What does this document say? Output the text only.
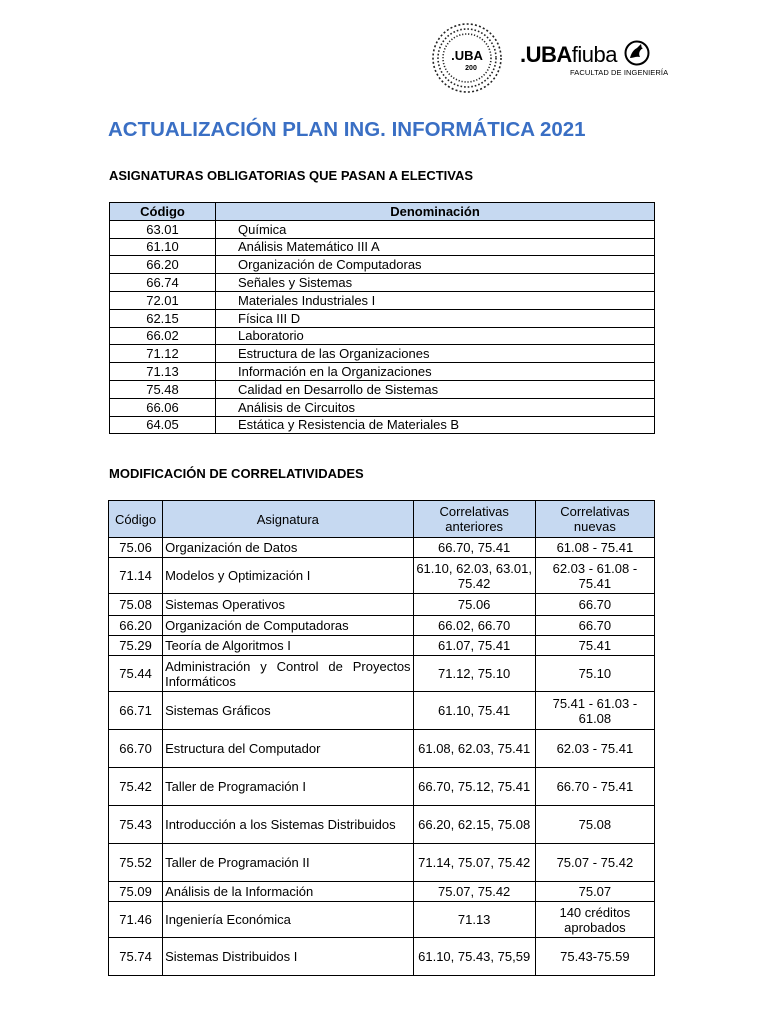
.UBA
200
.UBAfiuba
FACULTAD DE INGENIERÍA
ACTUALIZACIÓN PLAN ING. INFORMÁTICA 2021
ASIGNATURAS OBLIGATORIAS QUE PASAN A ELECTIVAS
Código	Denominación
63.01	Química
61.10	Análisis Matemático III A
66.20	Organización de Computadoras
66.74	Señales y Sistemas
72.01	Materiales Industriales I
62.15	Física III D
66.02	Laboratorio
71.12	Estructura de las Organizaciones
71.13	Información en la Organizaciones
75.48	Calidad en Desarrollo de Sistemas
66.06	Análisis de Circuitos
64.05	Estática y Resistencia de Materiales B
MODIFICACIÓN DE CORRELATIVIDADES
Código	Asignatura	Correlativas anteriores	Correlativas nuevas
75.06	Organización de Datos	66.70, 75.41	61.08 - 75.41
71.14	Modelos y Optimización I	61.10, 62.03, 63.01, 75.42	62.03 - 61.08 - 75.41
75.08	Sistemas Operativos	75.06	66.70
66.20	Organización de Computadoras	66.02, 66.70	66.70
75.29	Teoría de Algoritmos I	61.07, 75.41	75.41
75.44	Administración y Control de Proyectos Informáticos	71.12, 75.10	75.10
66.71	Sistemas Gráficos	61.10, 75.41	75.41 - 61.03 - 61.08
66.70	Estructura del Computador	61.08, 62.03, 75.41	62.03 - 75.41
75.42	Taller de Programación I	66.70, 75.12, 75.41	66.70 - 75.41
75.43	Introducción a los Sistemas Distribuidos	66.20, 62.15, 75.08	75.08
75.52	Taller de Programación II	71.14, 75.07, 75.42	75.07 - 75.42
75.09	Análisis de la Información	75.07, 75.42	75.07
71.46	Ingeniería Económica	71.13	140 créditos aprobados
75.74	Sistemas Distribuidos I	61.10, 75.43, 75,59	75.43-75.59
